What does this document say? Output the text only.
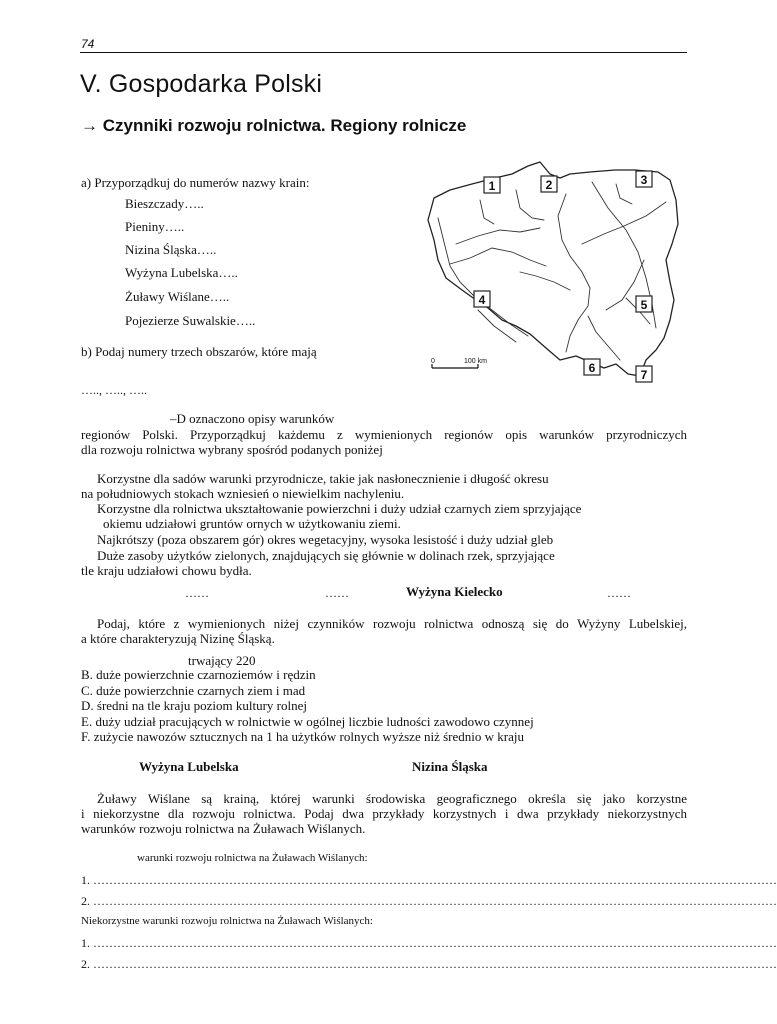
74
V. Gospodarka Polski
→ Czynniki rozwoju rolnictwa. Regiony rolnicze
a) Przyporządkuj do numerów nazwy krain:
Bieszczady…..
Pieniny…..
Nizina Śląska…..
Wyżyna Lubelska…..
Żuławy Wiślane…..
Pojezierze Suwalskie…..
b) Podaj numery trzech obszarów, które mają
….., ….., …..
1	2	3
4	5
6	7
0	100 km
–D oznaczono opisy warunków
regionów Polski. Przyporządkuj każdemu z wymienionych regionów opis warunków przyrodniczych
dla rozwoju rolnictwa wybrany spośród podanych poniżej
Korzystne dla sadów warunki przyrodnicze, takie jak nasłonecznienie i długość okresu
na południowych stokach wzniesień o niewielkim nachyleniu.
Korzystne dla rolnictwa ukształtowanie powierzchni i duży udział czarnych ziem sprzyjające
okiemu udziałowi gruntów ornych w użytkowaniu ziemi.
Najkrótszy (poza obszarem gór) okres wegetacyjny, wysoka lesistość i duży udział gleb
Duże zasoby użytków zielonych, znajdujących się głównie w dolinach rzek, sprzyjające
tle kraju udziałowi chowu bydła.
……	……	Wyżyna Kielecko	……
Podaj, które z wymienionych niżej czynników rozwoju rolnictwa odnoszą się do Wyżyny Lubelskiej,
a które charakteryzują Nizinę Śląską.
trwający 220
B. duże powierzchnie czarnoziemów i rędzin
C. duże powierzchnie czarnych ziem i mad
D. średni na tle kraju poziom kultury rolnej
E. duży udział pracujących w rolnictwie w ogólnej liczbie ludności zawodowo czynnej
F. zużycie nawozów sztucznych na 1 ha użytków rolnych wyższe niż średnio w kraju
Wyżyna Lubelska	Nizina Śląska
Żuławy Wiślane są krainą, której warunki środowiska geograficznego określa się jako korzystne
i niekorzystne dla rozwoju rolnictwa. Podaj dwa przykłady korzystnych i dwa przykłady niekorzystnych
warunków rozwoju rolnictwa na Żuławach Wiślanych.
warunki rozwoju rolnictwa na Żuławach Wiślanych:
1. ………………………………………………………………………………………………………………………………………………………
2. ………………………………………………………………………………………………………………………………………………………
Niekorzystne warunki rozwoju rolnictwa na Żuławach Wiślanych:
1. ………………………………………………………………………………………………………………………………………………………
2. ………………………………………………………………………………………………………………………………………………………
